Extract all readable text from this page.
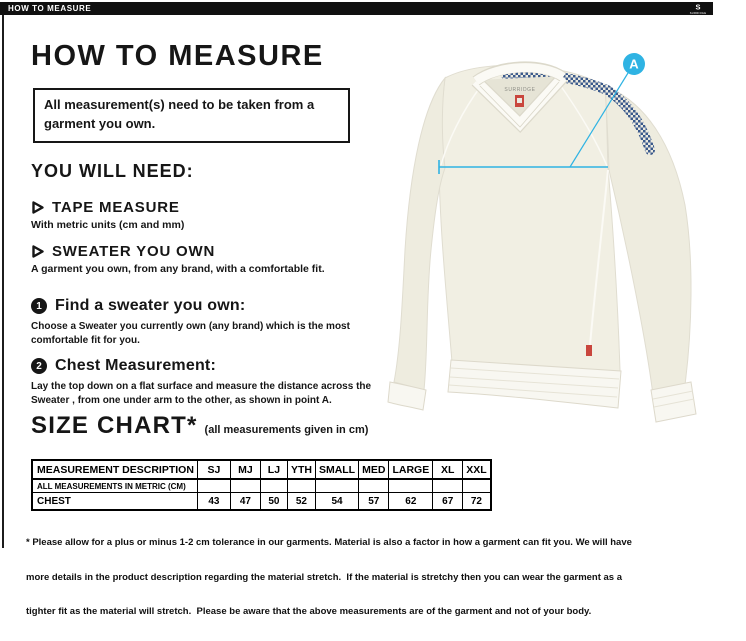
HOW TO MEASURE	S
SURRIDGE
HOW TO MEASURE
All measurement(s) need to be taken from a garment you own.
YOU WILL NEED:
TAPE MEASURE
With metric units (cm and mm)
SWEATER YOU OWN
A garment you own, from any brand, with a comfortable fit.
1 Find a sweater you own:
Choose a Sweater you currently own (any brand) which is the most comfortable fit for you.
2 Chest Measurement:
Lay the top down on a flat surface and measure the distance across the Sweater , from one under arm to the other, as shown in point A.
SIZE CHART* (all measurements given in cm)
MEASUREMENT DESCRIPTION	SJ	MJ	LJ	YTH	SMALL	MED	LARGE	XL	XXL
ALL MEASUREMENTS IN METRIC (CM)									
CHEST	43	47	50	52	54	57	62	67	72

* Please allow for a plus or minus 1-2 cm tolerance in our garments. Material is also a factor in how a garment can fit you. We will have

more details in the product description regarding the material stretch.  If the material is stretchy then you can wear the garment as a

tighter fit as the material will stretch.  Please be aware that the above measurements are of the garment and not of your body.

SURRIDGE
A
